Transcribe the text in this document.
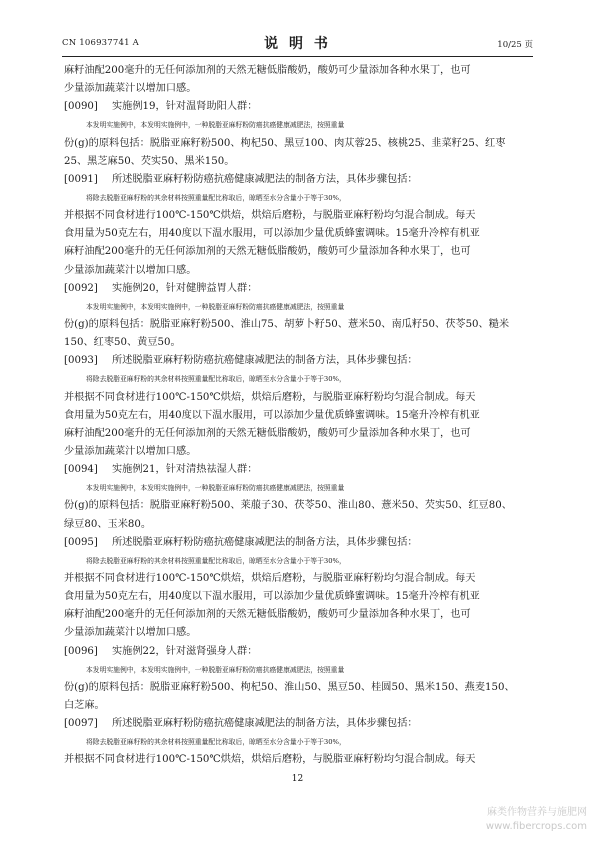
CN 106937741 A	说 明 书	10/25 页
麻籽油配200毫升的无任何添加剂的天然无糖低脂酸奶，酸奶可少量添加各种水果丁，也可
少量添加蔬菜汁以增加口感。
[0090] 实施例19，针对温肾助阳人群：
本发明实施例中，本发明实施例中，一种脱脂亚麻籽粉防癌抗癌健康减肥法，按照重量
份(g)的原料包括：脱脂亚麻籽粉500、枸杞50、黑豆100、肉苁蓉25、核桃25、韭菜籽25、红枣
25、黑芝麻50、芡实50、黑米150。
[0091] 所述脱脂亚麻籽粉防癌抗癌健康减肥法的制备方法，具体步骤包括：
将除去脱脂亚麻籽粉的其余材料按照重量配比称取后，晾晒至水分含量小于等于30%，
并根据不同食材进行100℃-150℃烘焙，烘焙后磨粉，与脱脂亚麻籽粉均匀混合制成。每天
食用量为50克左右，用40度以下温水服用，可以添加少量优质蜂蜜调味。15毫升冷榨有机亚
麻籽油配200毫升的无任何添加剂的天然无糖低脂酸奶，酸奶可少量添加各种水果丁，也可
少量添加蔬菜汁以增加口感。
[0092] 实施例20，针对健脾益胃人群：
本发明实施例中，本发明实施例中，一种脱脂亚麻籽粉防癌抗癌健康减肥法，按照重量
份(g)的原料包括：脱脂亚麻籽粉500、淮山75、胡萝卜籽50、薏米50、南瓜籽50、茯苓50、糙米
150、红枣50、黄豆50。
[0093] 所述脱脂亚麻籽粉防癌抗癌健康减肥法的制备方法，具体步骤包括：
将除去脱脂亚麻籽粉的其余材料按照重量配比称取后，晾晒至水分含量小于等于30%，
并根据不同食材进行100℃-150℃烘焙，烘焙后磨粉，与脱脂亚麻籽粉均匀混合制成。每天
食用量为50克左右，用40度以下温水服用，可以添加少量优质蜂蜜调味。15毫升冷榨有机亚
麻籽油配200毫升的无任何添加剂的天然无糖低脂酸奶，酸奶可少量添加各种水果丁，也可
少量添加蔬菜汁以增加口感。
[0094] 实施例21，针对清热祛湿人群：
本发明实施例中，本发明实施例中，一种脱脂亚麻籽粉防癌抗癌健康减肥法，按照重量
份(g)的原料包括：脱脂亚麻籽粉500、莱菔子30、茯苓50、淮山80、薏米50、芡实50、红豆80、
绿豆80、玉米80。
[0095] 所述脱脂亚麻籽粉防癌抗癌健康减肥法的制备方法，具体步骤包括：
将除去脱脂亚麻籽粉的其余材料按照重量配比称取后，晾晒至水分含量小于等于30%，
并根据不同食材进行100℃-150℃烘焙，烘焙后磨粉，与脱脂亚麻籽粉均匀混合制成。每天
食用量为50克左右，用40度以下温水服用，可以添加少量优质蜂蜜调味。15毫升冷榨有机亚
麻籽油配200毫升的无任何添加剂的天然无糖低脂酸奶，酸奶可少量添加各种水果丁，也可
少量添加蔬菜汁以增加口感。
[0096] 实施例22，针对滋肾强身人群：
本发明实施例中，本发明实施例中，一种脱脂亚麻籽粉防癌抗癌健康减肥法，按照重量
份(g)的原料包括：脱脂亚麻籽粉500、枸杞50、淮山50、黑豆50、桂圆50、黑米150、燕麦150、
白芝麻。
[0097] 所述脱脂亚麻籽粉防癌抗癌健康减肥法的制备方法，具体步骤包括：
将除去脱脂亚麻籽粉的其余材料按照重量配比称取后，晾晒至水分含量小于等于30%，
并根据不同食材进行100℃-150℃烘焙，烘焙后磨粉，与脱脂亚麻籽粉均匀混合制成。每天
12
麻类作物营养与施肥网
www.fibercrops.com
